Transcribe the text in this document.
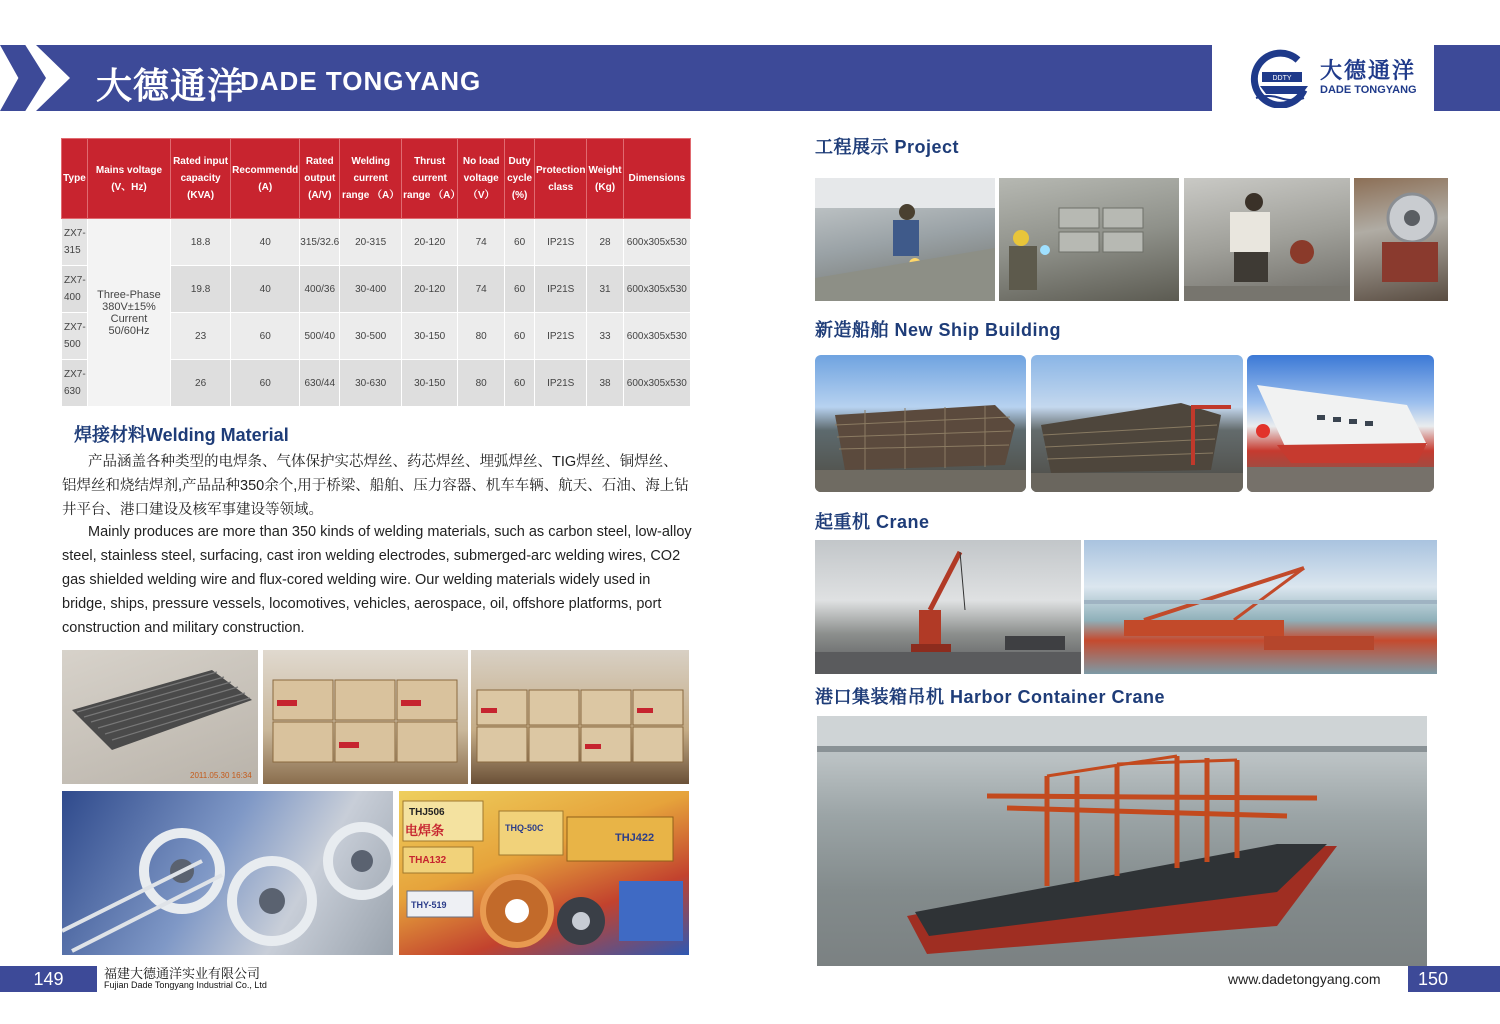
大德通洋
DADE TONGYANG	DDTY 大德通洋
DADE TONGYANG
Type	Mains voltage (V、Hz)	Rated input capacity (KVA)	Recommendd (A)	Rated output (A/V)	Welding current range （A）	Thrust current range （A）	No load voltage （V）	Duty cycle (%)	Protection class	Weight (Kg)	Dimensions
ZX7-
315	Three-Phase
380V±15%
Current
50/60Hz	18.8	40	315/32.6	20-315	20-120	74	60	IP21S	28	600x305x530
ZX7-
400		19.8	40	400/36	30-400	20-120	74	60	IP21S	31	600x305x530
ZX7-
500		23	60	500/40	30-500	30-150	80	60	IP21S	33	600x305x530
ZX7-
630		26	60	630/44	30-630	30-150	80	60	IP21S	38	600x305x530
焊接材料Welding Material

产品涵盖各种类型的电焊条、气体保护实芯焊丝、药芯焊丝、埋弧焊丝、TIG焊丝、铜焊丝、铝焊丝和烧结焊剂,产品品种350余个,用于桥梁、船舶、压力容器、机车车辆、航天、石油、海上钻井平台、港口建设及核军事建设等领域。

Mainly produces are more than 350 kinds of welding materials, such as carbon steel, low-alloy steel, stainless steel, surfacing, cast iron welding electrodes, submerged-arc welding wires, CO2 gas shielded welding wire and flux-cored welding wire. Our welding materials widely used in bridge, ships, pressure vessels, locomotives, vehicles, aerospace, oil, offshore platforms, port construction and military construction.

2011.05.30 16:34
THJ506
电焊条	THQ-50C
THJ422
THA132
THY-519
工程展示 Project
新造船舶 New Ship Building
起重机 Crane
港口集装箱吊机 Harbor Container Crane
149	福建大德通洋实业有限公司
Fujian Dade Tongyang Industrial Co., Ltd	www.dadetongyang.com	150
